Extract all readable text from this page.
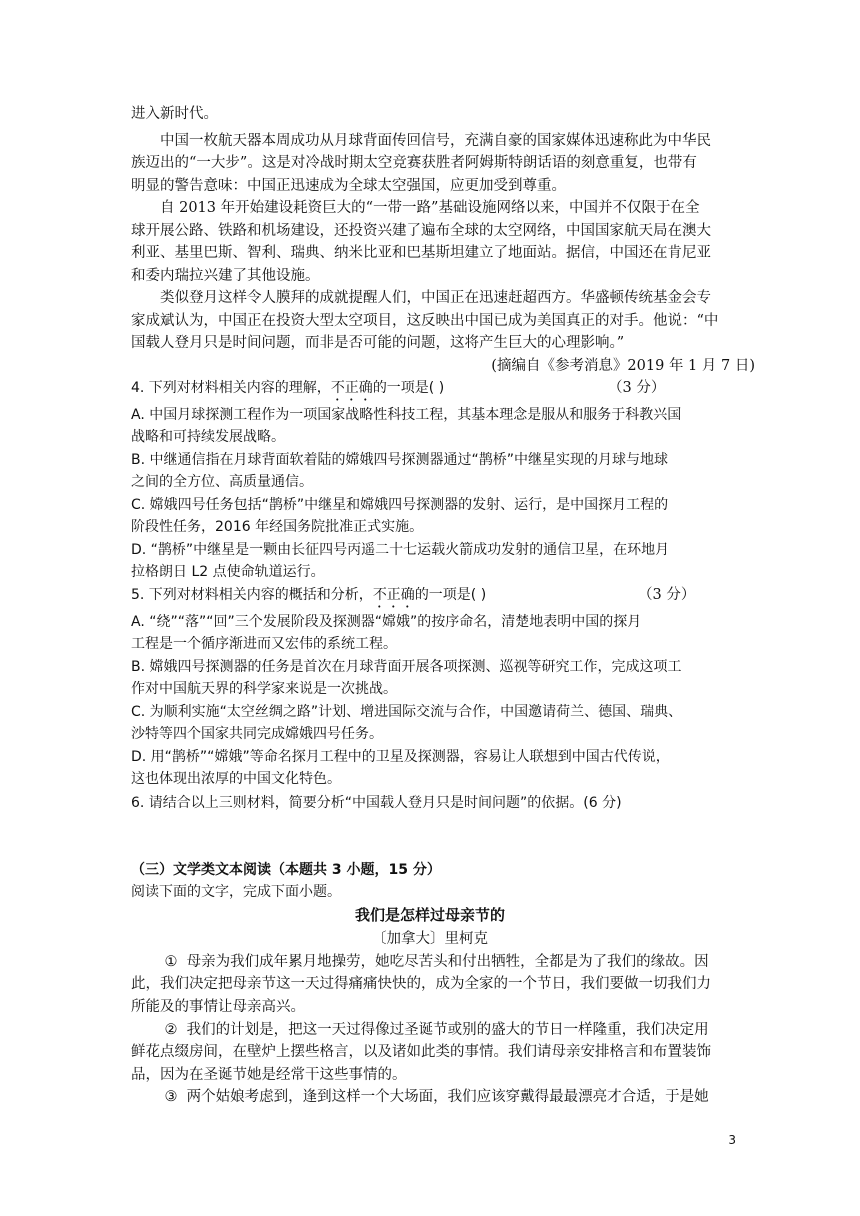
进入新时代。
中国一枚航天器本周成功从月球背面传回信号，充满自豪的国家媒体迅速称此为中华民
族迈出的“一大步”。这是对冷战时期太空竞赛获胜者阿姆斯特朗话语的刻意重复，也带有
明显的警告意味：中国正迅速成为全球太空强国，应更加受到尊重。
自 2013 年开始建设耗资巨大的“一带一路”基础设施网络以来，中国并不仅限于在全
球开展公路、铁路和机场建设，还投资兴建了遍布全球的太空网络，中国国家航天局在澳大
利亚、基里巴斯、智利、瑞典、纳米比亚和巴基斯坦建立了地面站。据信，中国还在肯尼亚
和委内瑞拉兴建了其他设施。
类似登月这样令人膜拜的成就提醒人们，中国正在迅速赶超西方。华盛顿传统基金会专
家成斌认为，中国正在投资大型太空项目，这反映出中国已成为美国真正的对手。他说：“中
国载人登月只是时间问题，而非是否可能的问题，这将产生巨大的心理影响。”
(摘编自《参考消息》2019 年 1 月 7 日)
4. 下列对材料相关内容的理解，不正确的一项是( )	（3 分）
A. 中国月球探测工程作为一项国家战略性科技工程，其基本理念是服从和服务于科教兴国
战略和可持续发展战略。
B. 中继通信指在月球背面软着陆的嫦娥四号探测器通过“鹊桥”中继星实现的月球与地球
之间的全方位、高质量通信。
C. 嫦娥四号任务包括“鹊桥”中继星和嫦娥四号探测器的发射、运行，是中国探月工程的
阶段性任务，2016 年经国务院批准正式实施。
D. “鹊桥”中继星是一颗由长征四号丙遥二十七运载火箭成功发射的通信卫星，在环地月
拉格朗日 L2 点使命轨道运行。
5. 下列对材料相关内容的概括和分析，不正确的一项是( )	（3 分）
A. “绕”“落”“回”三个发展阶段及探测器“嫦娥”的按序命名，清楚地表明中国的探月
工程是一个循序渐进而又宏伟的系统工程。
B. 嫦娥四号探测器的任务是首次在月球背面开展各项探测、巡视等研究工作，完成这项工
作对中国航天界的科学家来说是一次挑战。
C. 为顺利实施“太空丝绸之路”计划、增进国际交流与合作，中国邀请荷兰、德国、瑞典、
沙特等四个国家共同完成嫦娥四号任务。
D. 用“鹊桥”“嫦娥”等命名探月工程中的卫星及探测器，容易让人联想到中国古代传说，
这也体现出浓厚的中国文化特色。
6. 请结合以上三则材料，简要分析“中国载人登月只是时间问题”的依据。(6 分)
（三）文学类文本阅读（本题共 3 小题，15 分）
阅读下面的文字，完成下面小题。
我们是怎样过母亲节的
〔加拿大〕里柯克
① 母亲为我们成年累月地操劳，她吃尽苦头和付出牺牲，全都是为了我们的缘故。因
此，我们决定把母亲节这一天过得痛痛快快的，成为全家的一个节日，我们要做一切我们力
所能及的事情让母亲高兴。
② 我们的计划是，把这一天过得像过圣诞节或别的盛大的节日一样隆重，我们决定用
鲜花点缀房间，在壁炉上摆些格言，以及诸如此类的事情。我们请母亲安排格言和布置装饰
品，因为在圣诞节她是经常干这些事情的。
③ 两个姑娘考虑到，逢到这样一个大场面，我们应该穿戴得最最漂亮才合适，于是她
3
